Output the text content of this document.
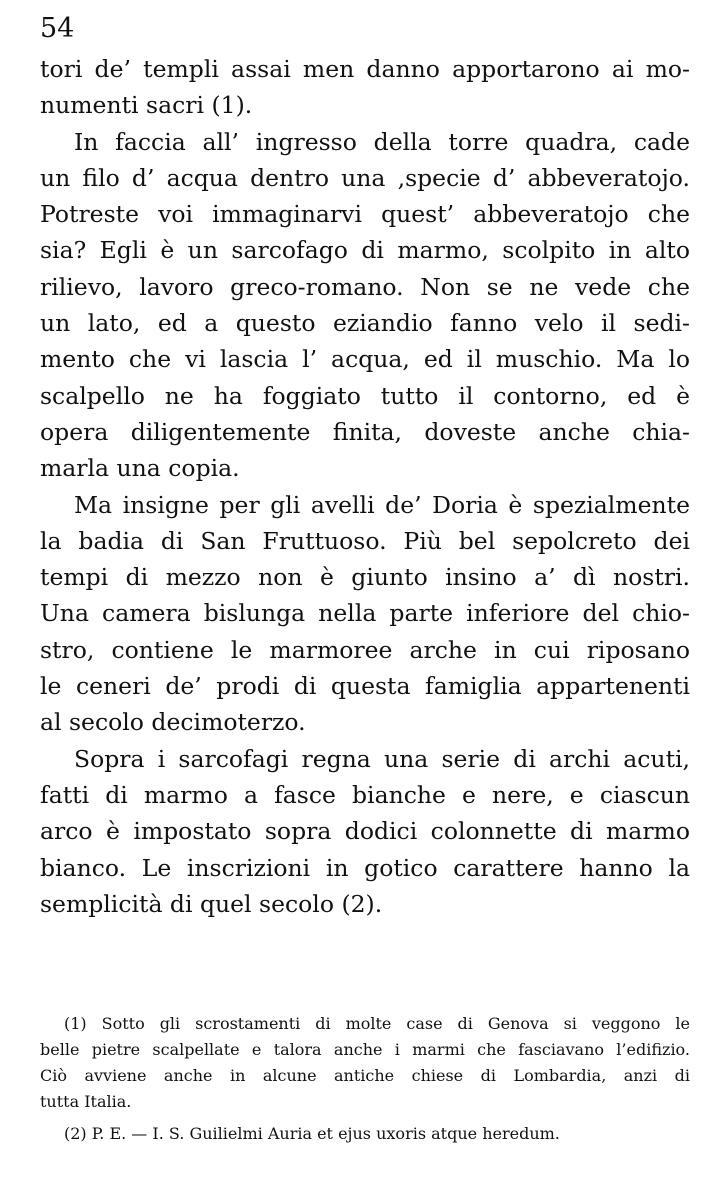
54
tori de’ templi assai men danno apportarono ai mo-
numenti sacri (1).
In faccia all’ ingresso della torre quadra, cade
un filo d’ acqua dentro una ,specie d’ abbeveratojo.
Potreste voi immaginarvi quest’ abbeveratojo che
sia? Egli è un sarcofago di marmo, scolpito in alto
rilievo, lavoro greco-romano. Non se ne vede che
un lato, ed a questo eziandio fanno velo il sedi-
mento che vi lascia l’ acqua, ed il muschio. Ma lo
scalpello ne ha foggiato tutto il contorno, ed è
opera diligentemente finita, doveste anche chia-
marla una copia.
Ma insigne per gli avelli de’ Doria è spezialmente
la badia di San Fruttuoso. Più bel sepolcreto dei
tempi di mezzo non è giunto insino a’ dì nostri.
Una camera bislunga nella parte inferiore del chio-
stro, contiene le marmoree arche in cui riposano
le ceneri de’ prodi di questa famiglia appartenenti
al secolo decimoterzo.
Sopra i sarcofagi regna una serie di archi acuti,
fatti di marmo a fasce bianche e nere, e ciascun
arco è impostato sopra dodici colonnette di marmo
bianco. Le inscrizioni in gotico carattere hanno la
semplicità di quel secolo (2).
(1) Sotto gli scrostamenti di molte case di Genova si veggono le
belle pietre scalpellate e talora anche i marmi che fasciavano l’edifizio.
Ciò avviene anche in alcune antiche chiese di Lombardia, anzi di
tutta Italia.
(2) P. E. — I. S. Guilielmi Auria et ejus uxoris atque heredum.
